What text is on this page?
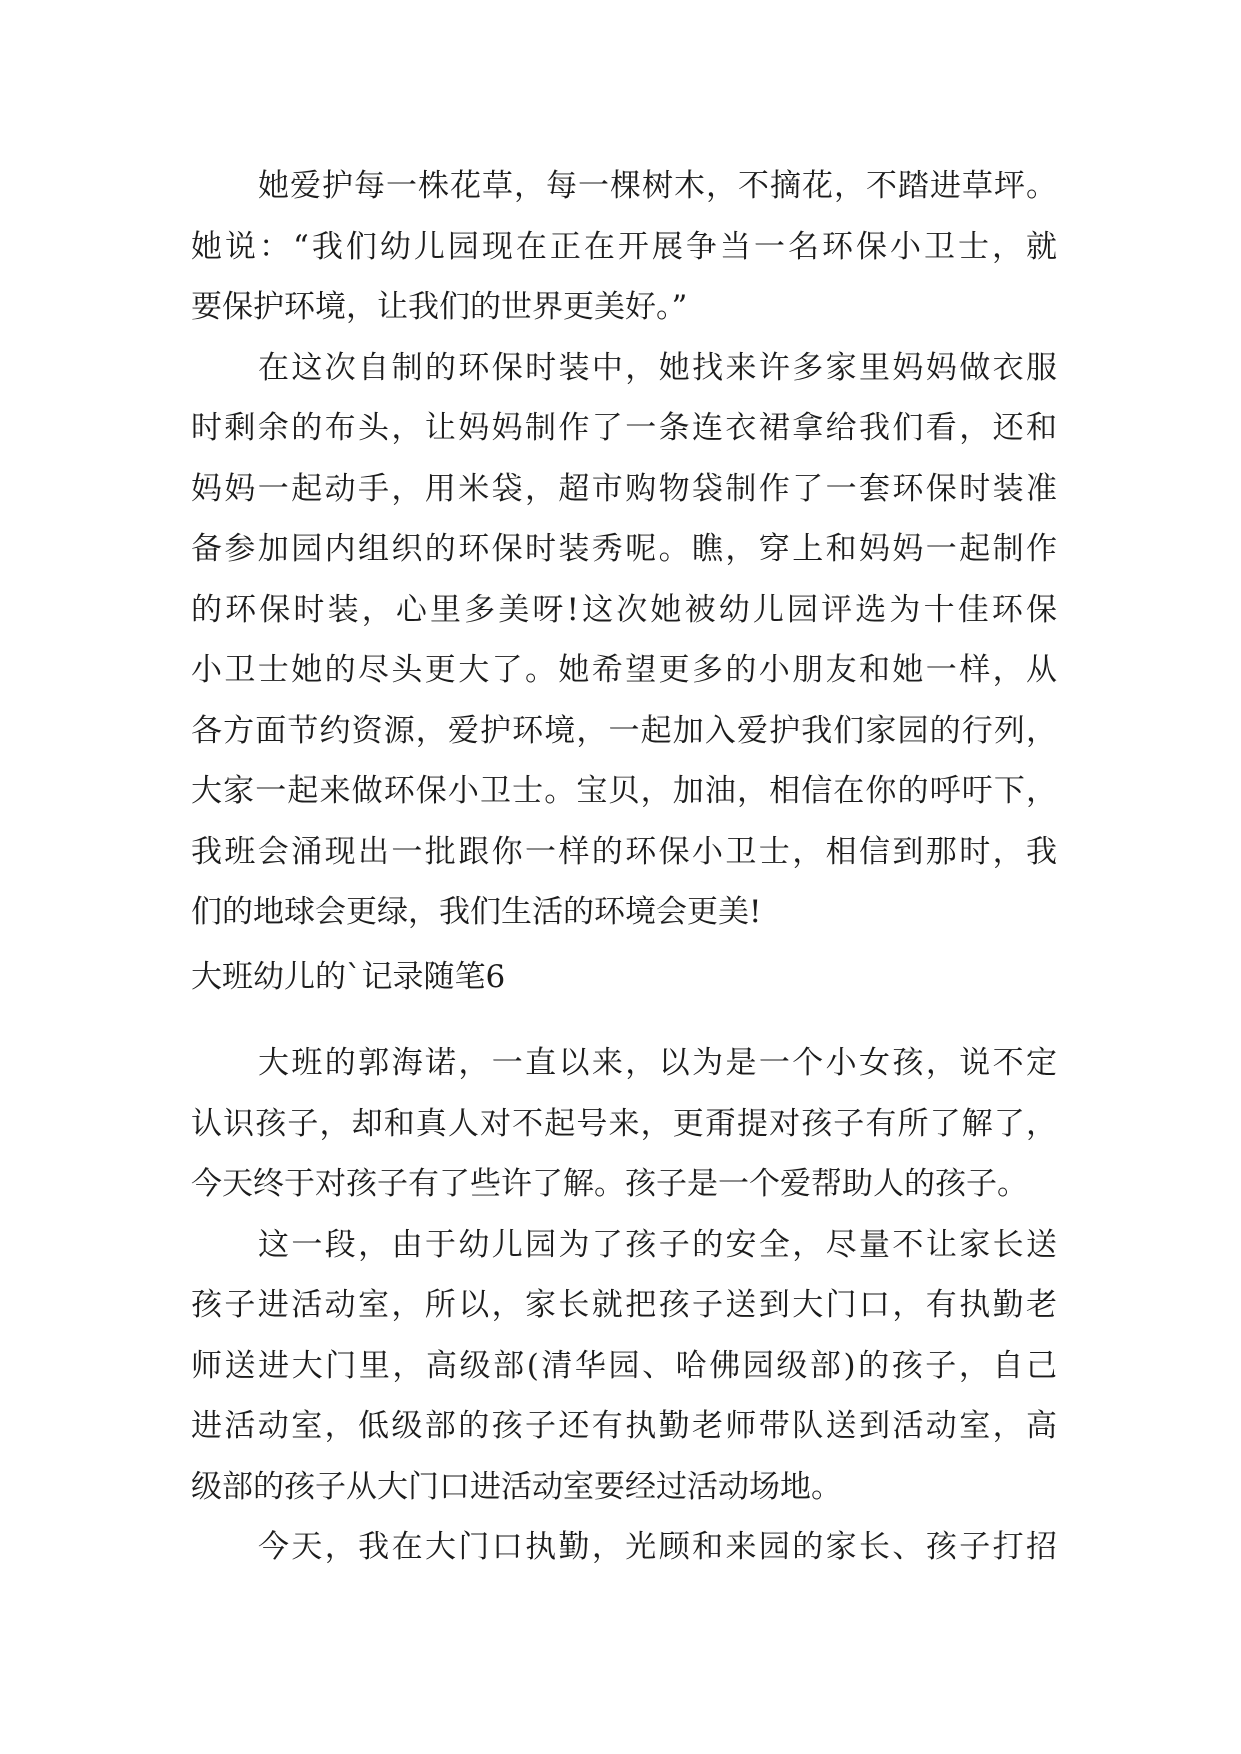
她爱护每一株花草，每一棵树木，不摘花，不踏进草坪。
她说：“我们幼儿园现在正在开展争当一名环保小卫士，就
要保护环境，让我们的世界更美好。”
在这次自制的环保时装中，她找来许多家里妈妈做衣服
时剩余的布头，让妈妈制作了一条连衣裙拿给我们看，还和
妈妈一起动手，用米袋，超市购物袋制作了一套环保时装准
备参加园内组织的环保时装秀呢。瞧，穿上和妈妈一起制作
的环保时装，心里多美呀!这次她被幼儿园评选为十佳环保
小卫士她的尽头更大了。她希望更多的小朋友和她一样，从
各方面节约资源，爱护环境，一起加入爱护我们家园的行列，
大家一起来做环保小卫士。宝贝，加油，相信在你的呼吁下，
我班会涌现出一批跟你一样的环保小卫士，相信到那时，我
们的地球会更绿，我们生活的环境会更美!
大班幼儿的`记录随笔6
大班的郭海诺，一直以来，以为是一个小女孩，说不定
认识孩子，却和真人对不起号来，更甭提对孩子有所了解了，
今天终于对孩子有了些许了解。孩子是一个爱帮助人的孩子。
这一段，由于幼儿园为了孩子的安全，尽量不让家长送
孩子进活动室，所以，家长就把孩子送到大门口，有执勤老
师送进大门里，高级部(清华园、哈佛园级部)的孩子，自己
进活动室，低级部的孩子还有执勤老师带队送到活动室，高
级部的孩子从大门口进活动室要经过活动场地。
今天，我在大门口执勤，光顾和来园的家长、孩子打招
